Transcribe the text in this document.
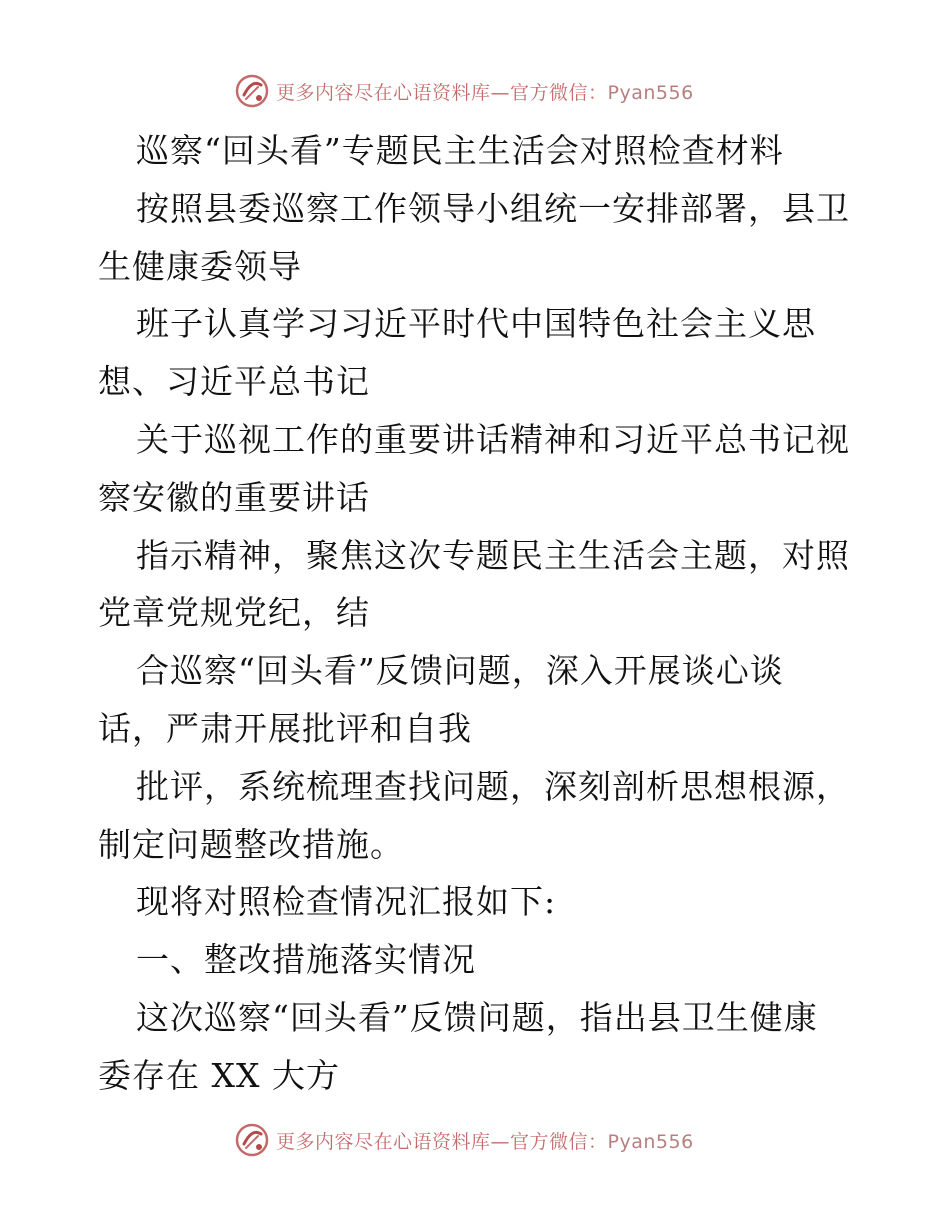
更多内容尽在心语资料库—官方微信：Pyan556
巡察“回头看”专题民主生活会对照检查材料
按照县委巡察工作领导小组统一安排部署，县卫
生健康委领导
班子认真学习习近平时代中国特色社会主义思
想、习近平总书记
关于巡视工作的重要讲话精神和习近平总书记视
察安徽的重要讲话
指示精神，聚焦这次专题民主生活会主题，对照
党章党规党纪，结
合巡察“回头看”反馈问题，深入开展谈心谈
话，严肃开展批评和自我
批评，系统梳理查找问题，深刻剖析思想根源，
制定问题整改措施。
现将对照检查情况汇报如下:
一、整改措施落实情况
这次巡察“回头看”反馈问题，指出县卫生健康
委存在 XX 大方
更多内容尽在心语资料库—官方微信：Pyan556
